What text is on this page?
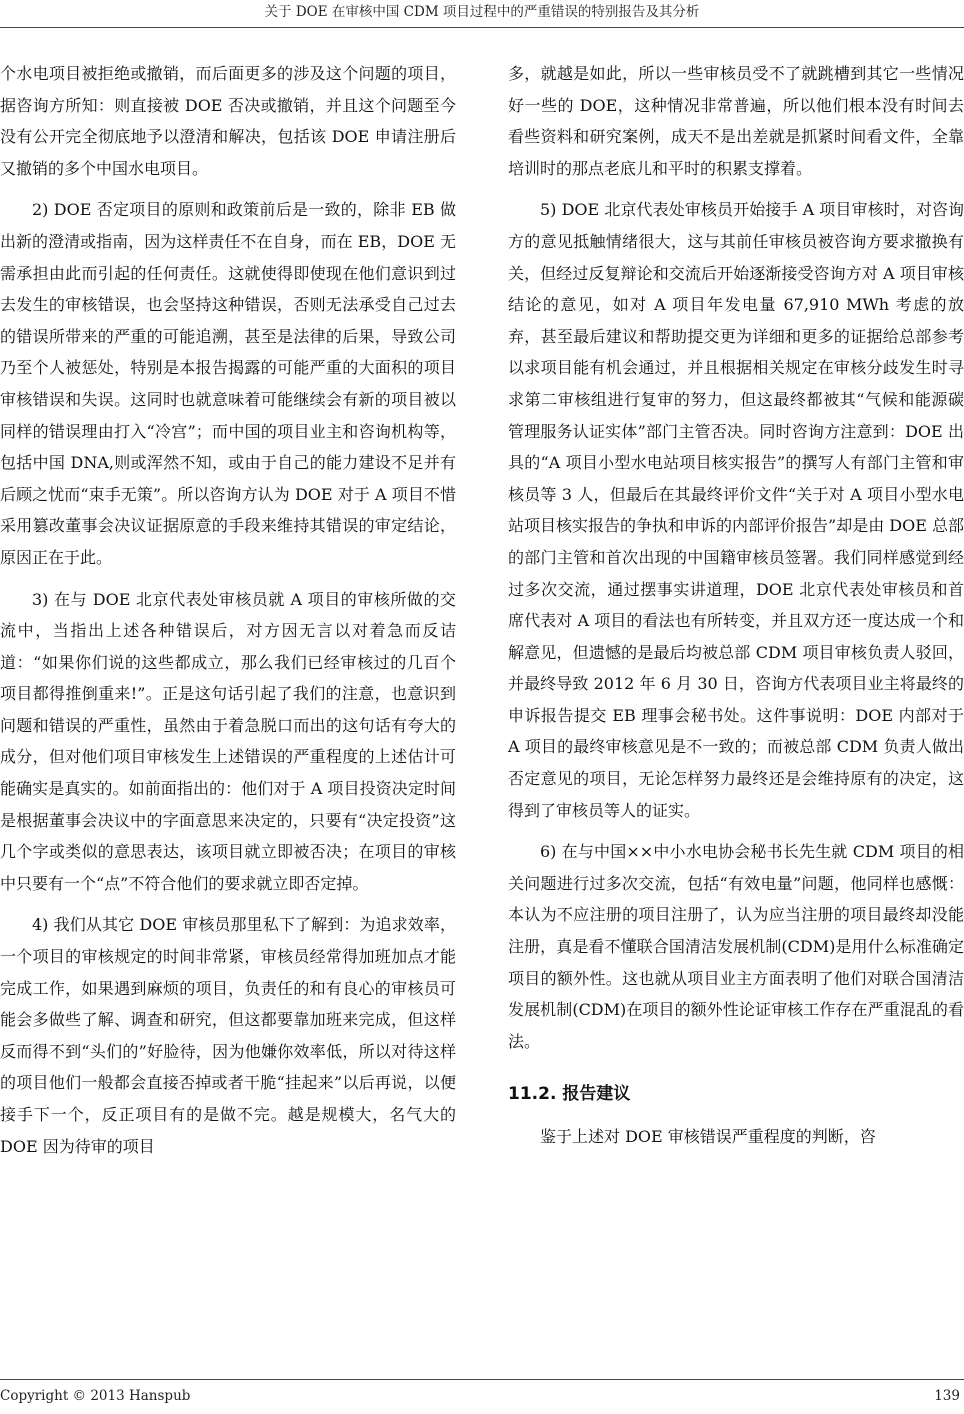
关于 DOE 在审核中国 CDM 项目过程中的严重错误的特别报告及其分析

个水电项目被拒绝或撤销，而后面更多的涉及这个问题的项目，据咨询方所知：则直接被 DOE 否决或撤销，并且这个问题至今没有公开完全彻底地予以澄清和解决，包括该 DOE 申请注册后又撤销的多个中国水电项目。

2) DOE 否定项目的原则和政策前后是一致的，除非 EB 做出新的澄清或指南，因为这样责任不在自身，而在 EB，DOE 无需承担由此而引起的任何责任。这就使得即使现在他们意识到过去发生的审核错误，也会坚持这种错误，否则无法承受自己过去的错误所带来的严重的可能追溯，甚至是法律的后果，导致公司乃至个人被惩处，特别是本报告揭露的可能严重的大面积的项目审核错误和失误。这同时也就意味着可能继续会有新的项目被以同样的错误理由打入“冷宫”；而中国的项目业主和咨询机构等，包括中国 DNA,则或浑然不知，或由于自己的能力建设不足并有后顾之忧而“束手无策”。所以咨询方认为 DOE 对于 A 项目不惜采用篡改董事会决议证据原意的手段来维持其错误的审定结论，原因正在于此。

3) 在与 DOE 北京代表处审核员就 A 项目的审核所做的交流中，当指出上述各种错误后，对方因无言以对着急而反诘道：“如果你们说的这些都成立，那么我们已经审核过的几百个项目都得推倒重来!”。正是这句话引起了我们的注意，也意识到问题和错误的严重性，虽然由于着急脱口而出的这句话有夸大的成分，但对他们项目审核发生上述错误的严重程度的上述估计可能确实是真实的。如前面指出的：他们对于 A 项目投资决定时间是根据董事会决议中的字面意思来决定的，只要有“决定投资”这几个字或类似的意思表达，该项目就立即被否决；在项目的审核中只要有一个“点”不符合他们的要求就立即否定掉。

4) 我们从其它 DOE 审核员那里私下了解到：为追求效率，一个项目的审核规定的时间非常紧，审核员经常得加班加点才能完成工作，如果遇到麻烦的项目，负责任的和有良心的审核员可能会多做些了解、调查和研究，但这都要靠加班来完成，但这样反而得不到“头们的”好脸待，因为他嫌你效率低，所以对待这样的项目他们一般都会直接否掉或者干脆“挂起来”以后再说，以便接手下一个，反正项目有的是做不完。越是规模大，名气大的 DOE 因为待审的项目

多，就越是如此，所以一些审核员受不了就跳槽到其它一些情况好一些的 DOE，这种情况非常普遍，所以他们根本没有时间去看些资料和研究案例，成天不是出差就是抓紧时间看文件，全靠培训时的那点老底儿和平时的积累支撑着。

5) DOE 北京代表处审核员开始接手 A 项目审核时，对咨询方的意见抵触情绪很大，这与其前任审核员被咨询方要求撤换有关，但经过反复辩论和交流后开始逐渐接受咨询方对 A 项目审核结论的意见，如对 A 项目年发电量 67,910 MWh 考虑的放弃，甚至最后建议和帮助提交更为详细和更多的证据给总部参考以求项目能有机会通过，并且根据相关规定在审核分歧发生时寻求第二审核组进行复审的努力，但这最终都被其“气候和能源碳管理服务认证实体”部门主管否决。同时咨询方注意到：DOE 出具的“A 项目小型水电站项目核实报告”的撰写人有部门主管和审核员等 3 人，但最后在其最终评价文件“关于对 A 项目小型水电站项目核实报告的争执和申诉的内部评价报告”却是由 DOE 总部的部门主管和首次出现的中国籍审核员签署。我们同样感觉到经过多次交流，通过摆事实讲道理，DOE 北京代表处审核员和首席代表对 A 项目的看法也有所转变，并且双方还一度达成一个和解意见，但遗憾的是最后均被总部 CDM 项目审核负责人驳回，并最终导致 2012 年 6 月 30 日，咨询方代表项目业主将最终的申诉报告提交 EB 理事会秘书处。这件事说明：DOE 内部对于 A 项目的最终审核意见是不一致的；而被总部 CDM 负责人做出否定意见的项目，无论怎样努力最终还是会维持原有的决定，这得到了审核员等人的证实。

6) 在与中国××中小水电协会秘书长先生就 CDM 项目的相关问题进行过多次交流，包括“有效电量”问题，他同样也感慨：本认为不应注册的项目注册了，认为应当注册的项目最终却没能注册，真是看不懂联合国清洁发展机制(CDM)是用什么标准确定项目的额外性。这也就从项目业主方面表明了他们对联合国清洁发展机制(CDM)在项目的额外性论证审核工作存在严重混乱的看法。

11.2. 报告建议

鉴于上述对 DOE 审核错误严重程度的判断，咨

Copyright © 2013 Hanspub	139
